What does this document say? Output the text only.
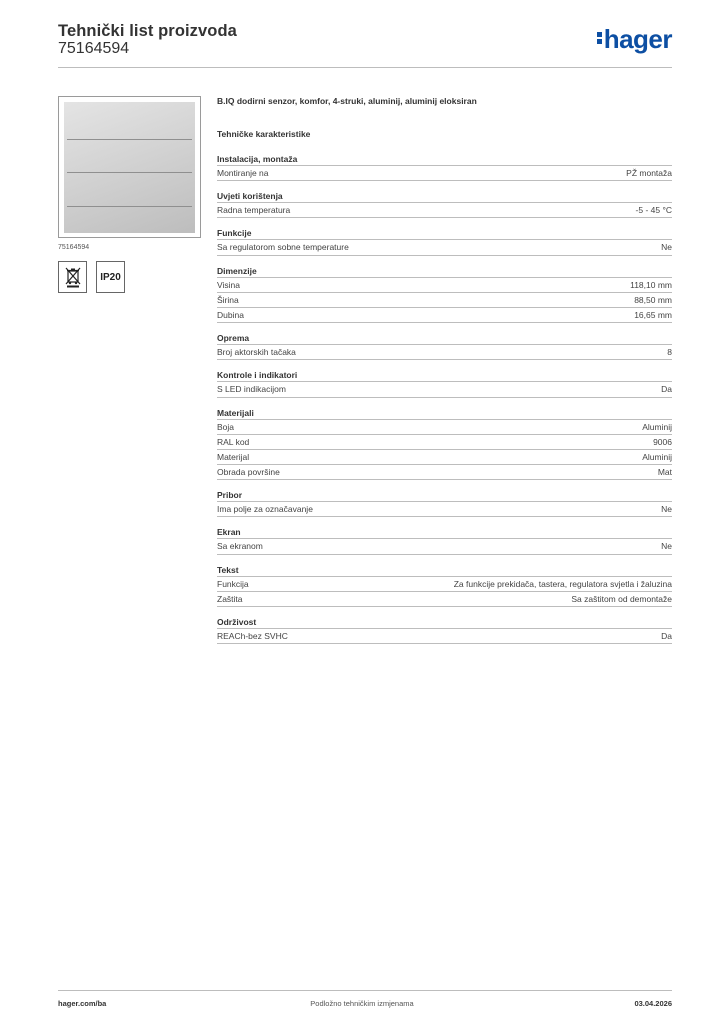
Tehnički list proizvoda
75164594	hager
75164594
IP20
B.IQ dodirni senzor, komfor, 4-struki, aluminij, aluminij eloksiran
Tehničke karakteristike
Instalacija, montaža
Montiranje na	PŽ montaža
Uvjeti korištenja
Radna temperatura	-5 - 45 °C
Funkcije
Sa regulatorom sobne temperature	Ne
Dimenzije
Visina	118,10 mm
Širina	88,50 mm
Dubina	16,65 mm
Oprema
Broj aktorskih tačaka	8
Kontrole i indikatori
S LED indikacijom	Da
Materijali
Boja	Aluminij
RAL kod	9006
Materijal	Aluminij
Obrada površine	Mat
Pribor
Ima polje za označavanje	Ne
Ekran
Sa ekranom	Ne
Tekst
Funkcija	Za funkcije prekidača, tastera, regulatora svjetla i žaluzina
Zaštita	Sa zaštitom od demontaže
Održivost
REACh-bez SVHC	Da
hager.com/ba	Podložno tehničkim izmjenama	03.04.2026
